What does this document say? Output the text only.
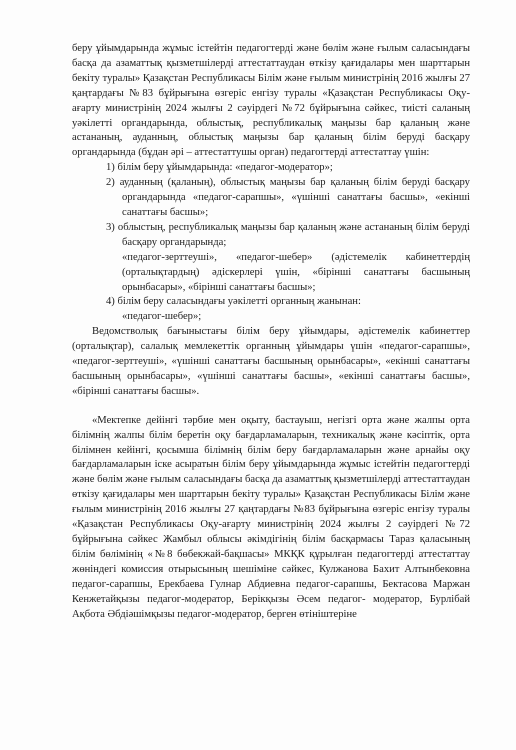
беру ұйымдарында жұмыс істейтін педагогтерді және бөлім және ғылым саласындағы басқа да азаматтық қызметшілерді аттестаттаудан өткізу қағидалары мен шарттарын бекіту туралы» Қазақстан Республикасы Білім және ғылым министрінің 2016 жылғы 27 қаңтардағы №83 бұйрығына өзгеріс енгізу туралы «Қазақстан Республикасы Оқу-ағарту министрінің 2024 жылғы 2 сәуірдегі №72 бұйрығына сәйкес, тиісті саланың уәкілетті органдарында, облыстық, республикалық маңызы бар қаланың және астананың, ауданның, облыстық маңызы бар қаланың білім беруді басқару органдарында (бұдан әрі – аттестаттушы орган) педагогтерді аттестаттау үшін:

1) білім беру ұйымдарында: «педагог-модератор»;
2) ауданның (қаланың), облыстық маңызы бар қаланың білім беруді басқару органдарында «педагог-сарапшы», «үшінші санаттағы басшы», «екінші санаттағы басшы»;
3) облыстың, республикалық маңызы бар қаланың және астананың білім беруді басқару органдарында;
«педагог-зерттеуші», «педагог-шебер» (әдістемелік кабинеттердің (орталықтардың) әдіскерлері үшін, «бірінші санаттағы басшының орынбасары», «бірінші санаттағы басшы»;
4) білім беру саласындағы уәкілетті органның жанынан:
«педагог-шебер»;

Ведомстволық бағыныстағы білім беру ұйымдары, әдістемелік кабинеттер (орталықтар), салалық мемлекеттік органның ұйымдары үшін «педагог-сарапшы», «педагог-зерттеуші», «үшінші санаттағы басшының орынбасары», «екінші санаттағы басшының орынбасары», «үшінші санаттағы басшы», «екінші санаттағы басшы», «бірінші санаттағы басшы».

«Мектепке дейінгі тәрбие мен оқыту, бастауыш, негізгі орта және жалпы орта білімнің жалпы білім беретін оқу бағдарламаларын, техникалық және кәсіптік, орта білімнен кейінгі, қосымша білімнің білім беру бағдарламаларын және арнайы оқу бағдарламаларын іске асыратын білім беру ұйымдарында жұмыс істейтін педагогтерді және бөлім және ғылым саласындағы басқа да азаматтық қызметшілерді аттестаттаудан өткізу қағидалары мен шарттарын бекіту туралы» Қазақстан Республикасы Білім және ғылым министрінің 2016 жылғы 27 қаңтардағы №83 бұйрығына өзгеріс енгізу туралы «Қазақстан Республикасы Оқу-ағарту министрінің 2024 жылғы 2 сәуірдегі №72 бұйрығына сәйкес Жамбыл облысы әкімдігінің білім басқармасы Тараз қаласының білім бөлімінің «№8 бөбекжай-бақшасы» МКҚК құрылған педагогтерді аттестаттау жөніндегі комиссия отырысының шешіміне сәйкес, Кулжанова Бахит Алтынбековна педагог-сарапшы, Ерекбаева Гулнар Абдиевна педагог-сарапшы, Бектасова Маржан Кенжетайқызы педагог-модератор, Берікқызы Әсем педагог- модератор, Бурлібай Ақбота Әбдіәшімқызы педагог-модератор, берген өтініштеріне
